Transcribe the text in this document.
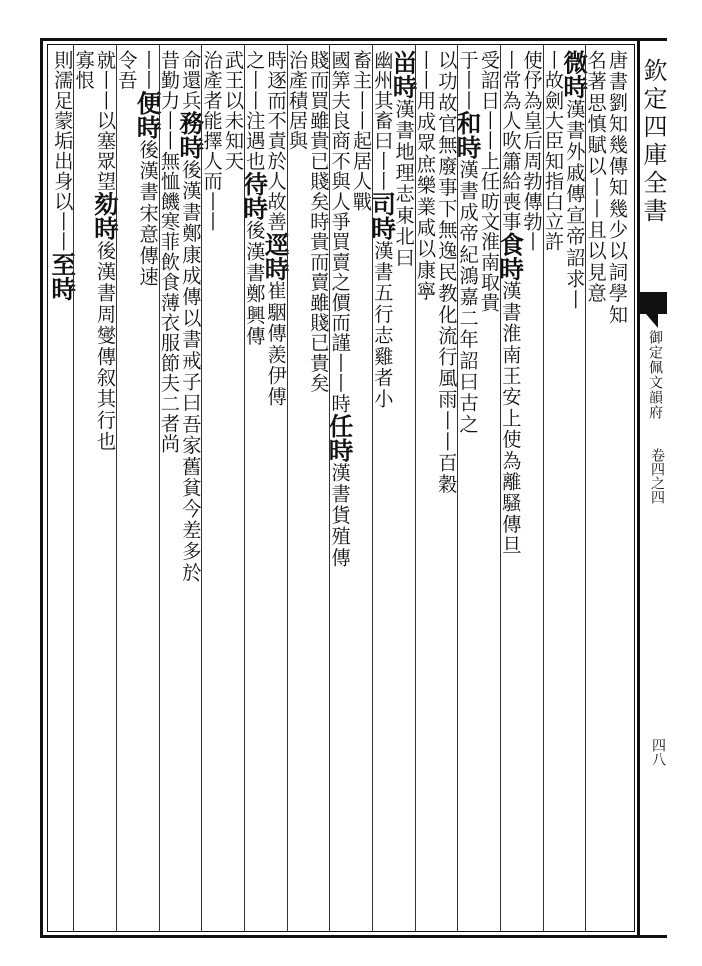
欽定四庫全書
御定佩文韻府
卷四之四
四八
唐書劉知幾傳知幾少以詞學知
名著思慎賦以丨丨且以見意
微時漢書外戚傳宣帝詔求丨
丨故劍大臣知指白立許
使伃為皇后周勃傳勃丨
丨常為人吹簫給喪事食時漢書淮南王安上使為離騷傳旦
受詔日丨丨上任昉文淮南取貴
于丨丨和時漢書成帝紀鴻嘉二年詔曰古之
以功故官無廢事下無逸民教化流行風雨丨丨百穀
丨丨用成眾庶樂業咸以康寧
畄時漢書地理志東北曰
幽州其畜曰丨丨司時漢書五行志雞者小
畜主丨丨起居人戰
國筭夫良商不與人爭買賣之價而謹丨丨時任時漢書貨殖傳
賤而買雖貴已賤矣時貴而賣雖賤已貴矣
治產積居與
時逐而不責於人故善逕時崔駰傳羨伊傅
之丨丨注遇也待時後漢書鄭興傳
武王以未知天
治產者能擇人而丨丨
命還兵務時後漢書鄭康成傳以書戒子曰吾家舊貧今差多於
昔勤力丨丨無恤饑寒菲飲食薄衣服節夫二者尚
丨丨便時後漢書宋意傳速
令吾
就丨丨以塞眾望劾時後漢書周燮傳叙其行也
寡恨
則濡足蒙垢出身以丨丨至時
